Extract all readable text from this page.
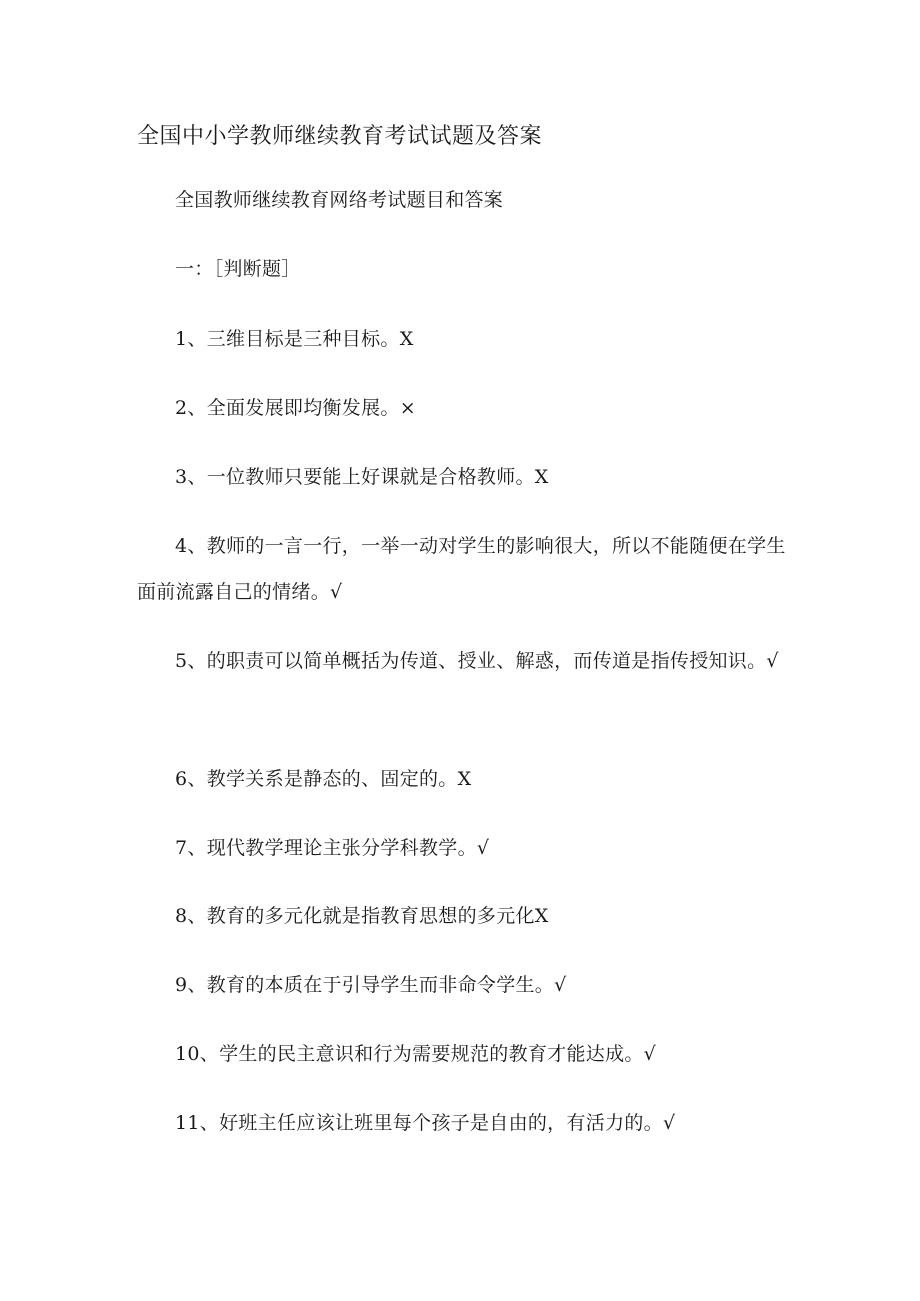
全国中小学教师继续教育考试试题及答案

全国教师继续教育网络考试题目和答案

一：［判断题］

1、三维目标是三种目标。X

2、全面发展即均衡发展。×

3、一位教师只要能上好课就是合格教师。X

4、教师的一言一行，一举一动对学生的影响很大，所以不能随便在学生面前流露自己的情绪。√

5、的职责可以简单概括为传道、授业、解惑，而传道是指传授知识。√

6、教学关系是静态的、固定的。X

7、现代教学理论主张分学科教学。√

8、教育的多元化就是指教育思想的多元化X

9、教育的本质在于引导学生而非命令学生。√

10、学生的民主意识和行为需要规范的教育才能达成。√

11、好班主任应该让班里每个孩子是自由的，有活力的。√
